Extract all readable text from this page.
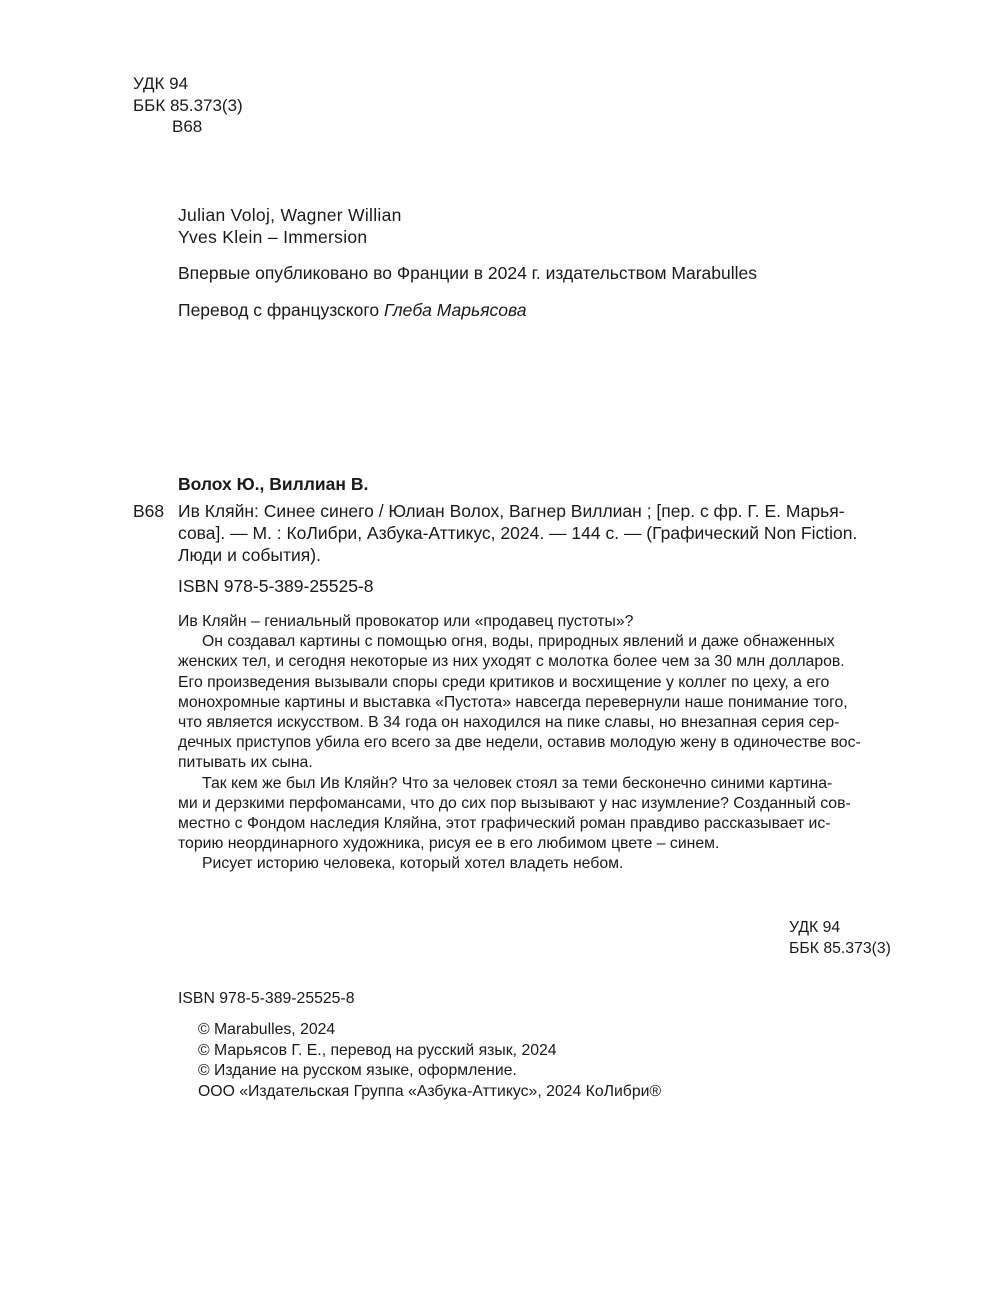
УДК 94
ББК 85.373(3)
В68
Julian Voloj, Wagner Willian
Yves Klein – Immersion
Впервые опубликовано во Франции в 2024 г. издательством Marabulles
Перевод с французского Глеба Марьясова
Волох Ю., Виллиан В.
В68 Ив Кляйн: Синее синего / Юлиан Волох, Вагнер Виллиан ; [пер. с фр. Г. Е. Марья-
сова]. — М. : КоЛибри, Азбука-Аттикус, 2024. — 144 с. — (Графический Non Fiction.
Люди и события).
ISBN 978-5-389-25525-8
Ив Кляйн – гениальный провокатор или «продавец пустоты»?
Он создавал картины с помощью огня, воды, природных явлений и даже обнаженных
женских тел, и сегодня некоторые из них уходят с молотка более чем за 30 млн долларов.
Его произведения вызывали споры среди критиков и восхищение у коллег по цеху, а его
монохромные картины и выставка «Пустота» навсегда перевернули наше понимание того,
что является искусством. В 34 года он находился на пике славы, но внезапная серия сер-
дечных приступов убила его всего за две недели, оставив молодую жену в одиночестве вос-
питывать их сына.
Так кем же был Ив Кляйн? Что за человек стоял за теми бесконечно синими картина-
ми и дерзкими перфомансами, что до сих пор вызывают у нас изумление? Созданный сов-
местно с Фондом наследия Кляйна, этот графический роман правдиво рассказывает ис-
торию неординарного художника, рисуя ее в его любимом цвете – синем.
Рисует историю человека, который хотел владеть небом.
УДК 94
ББК 85.373(3)
ISBN 978-5-389-25525-8
© Marabulles, 2024
© Марьясов Г. Е., перевод на русский язык, 2024
© Издание на русском языке, оформление.
ООО «Издательская Группа «Азбука-Аттикус», 2024 КоЛибри®
